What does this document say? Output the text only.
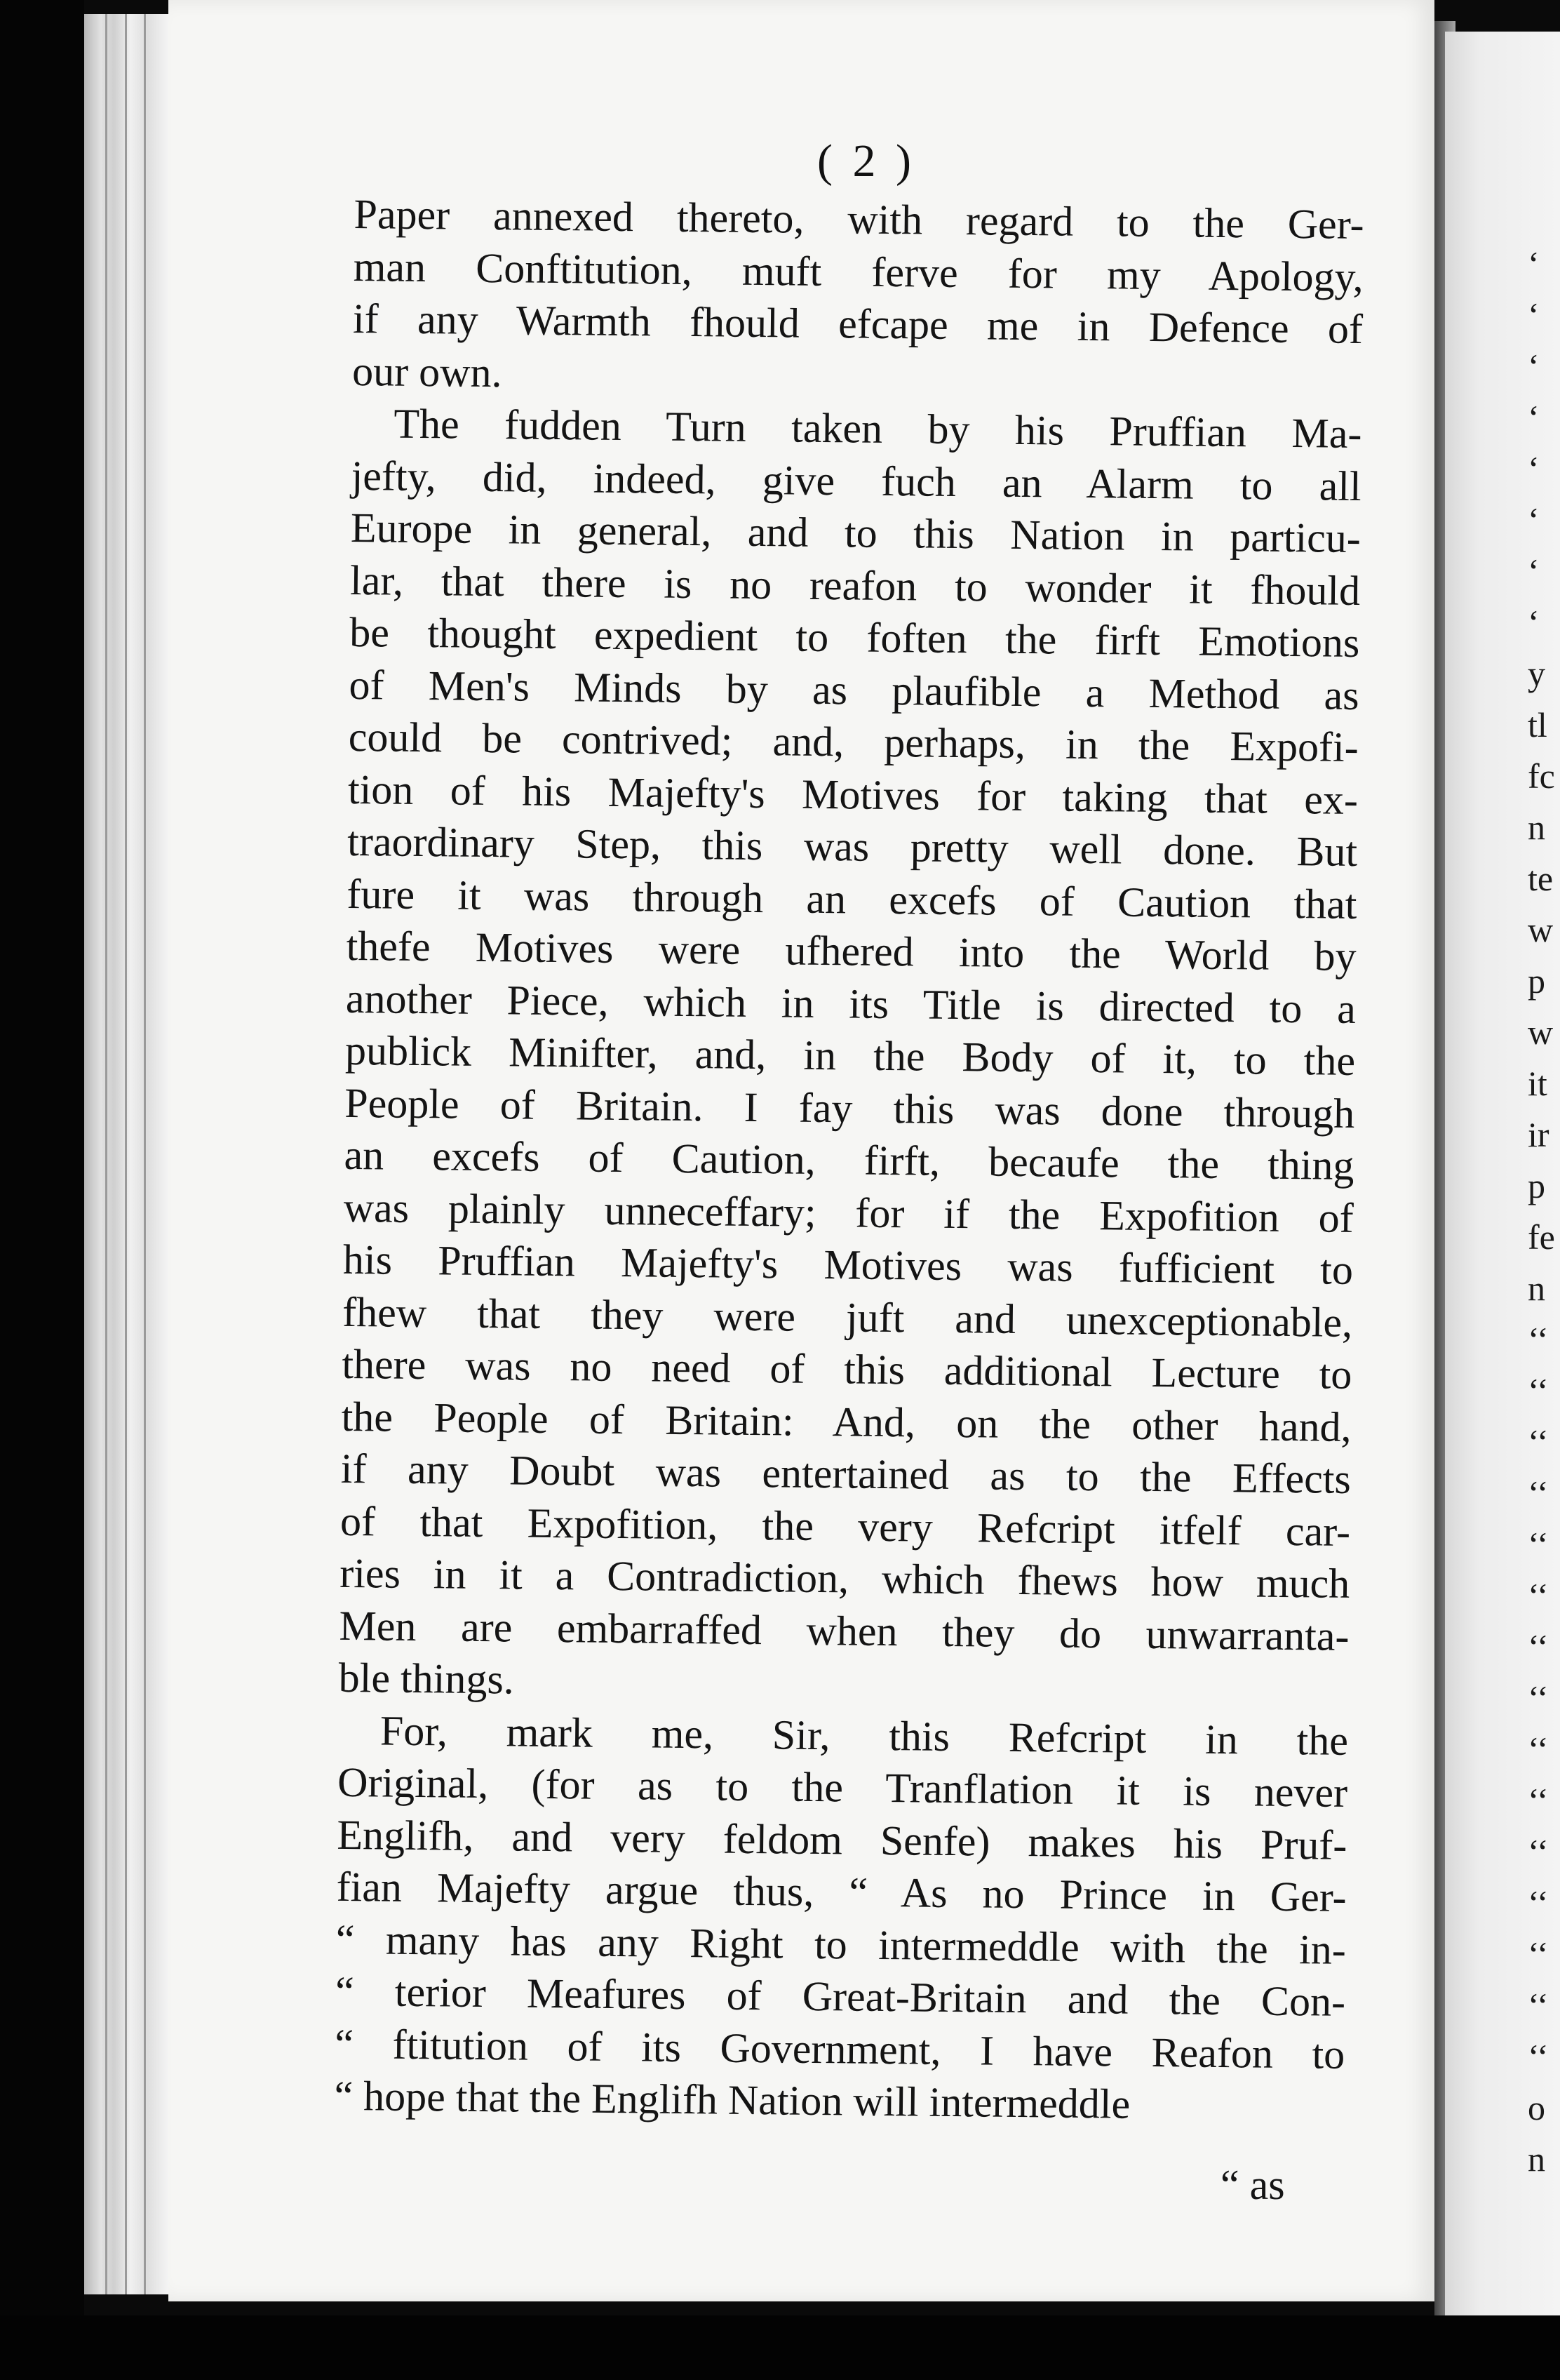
‘
‘
‘
‘
‘
‘
‘
‘
y
tl
fc
n
te
w
p
w
it
ir
p
fe
n
‘‘
‘‘
‘‘
‘‘
‘‘
‘‘
‘‘
‘‘
‘‘
‘‘
‘‘
‘‘
‘‘
‘‘
‘‘
o
n
( 2 )
Paper annexed thereto, with regard to the Ger-
man Conftitution, muft ferve for my Apology,
if any Warmth fhould efcape me in Defence of
our own.
The fudden Turn taken by his Pruffian Ma-
jefty, did, indeed, give fuch an Alarm to all
Europe in general, and to this Nation in particu-
lar, that there is no reafon to wonder it fhould
be thought expedient to foften the firft Emotions
of Men's Minds by as plaufible a Method as
could be contrived; and, perhaps, in the Expofi-
tion of his Majefty's Motives for taking that ex-
traordinary Step, this was pretty well done. But
fure it was through an excefs of Caution that
thefe Motives were ufhered into the World by
another Piece, which in its Title is directed to a
publick Minifter, and, in the Body of it, to the
People of Britain. I fay this was done through
an excefs of Caution, firft, becaufe the thing
was plainly unneceffary; for if the Expofition of
his Pruffian Majefty's Motives was fufficient to
fhew that they were juft and unexceptionable,
there was no need of this additional Lecture to
the People of Britain: And, on the other hand,
if any Doubt was entertained as to the Effects
of that Expofition, the very Refcript itfelf car-
ries in it a Contradiction, which fhews how much
Men are embarraffed when they do unwarranta-
ble things.
For, mark me, Sir, this Refcript in the
Original, (for as to the Tranflation it is never
Englifh, and very feldom Senfe) makes his Pruf-
fian Majefty argue thus, “ As no Prince in Ger-
“ many has any Right to intermeddle with the in-
“ terior Meafures of Great-Britain and the Con-
“ ftitution of its Government, I have Reafon to
“ hope that the Englifh Nation will intermeddle
“ as
